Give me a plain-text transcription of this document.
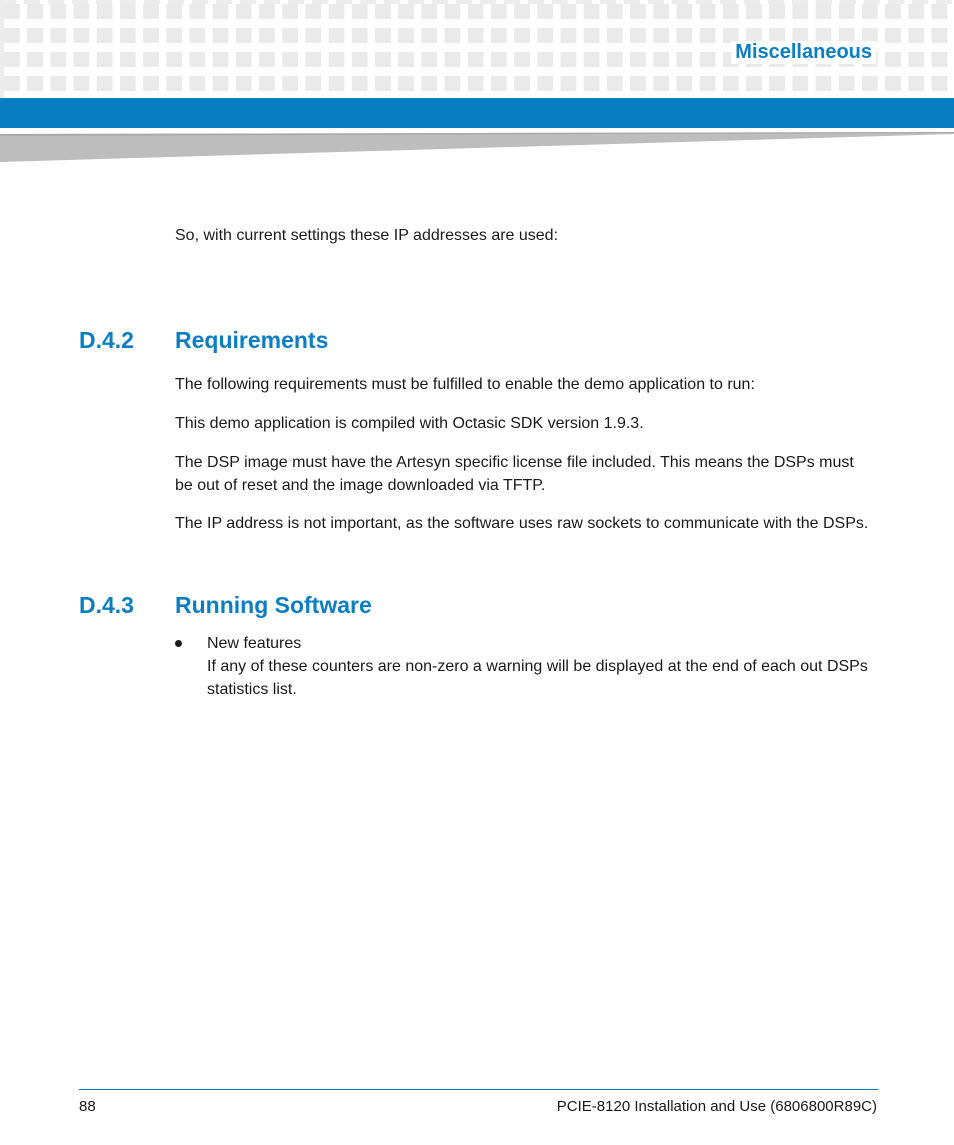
Miscellaneous

So, with current settings these IP addresses are used:

D.4.2	Requirements

The following requirements must be fulfilled to enable the demo application to run:

This demo application is compiled with Octasic SDK version 1.9.3.

The DSP image must have the Artesyn specific license file included. This means the DSPs must be out of reset and the image downloaded via TFTP.

The IP address is not important, as the software uses raw sockets to communicate with the DSPs.

D.4.3	Running Software
New features
If any of these counters are non-zero a warning will be displayed at the end of each out DSPs statistics list.
88	PCIE-8120 Installation and Use (6806800R89C)
